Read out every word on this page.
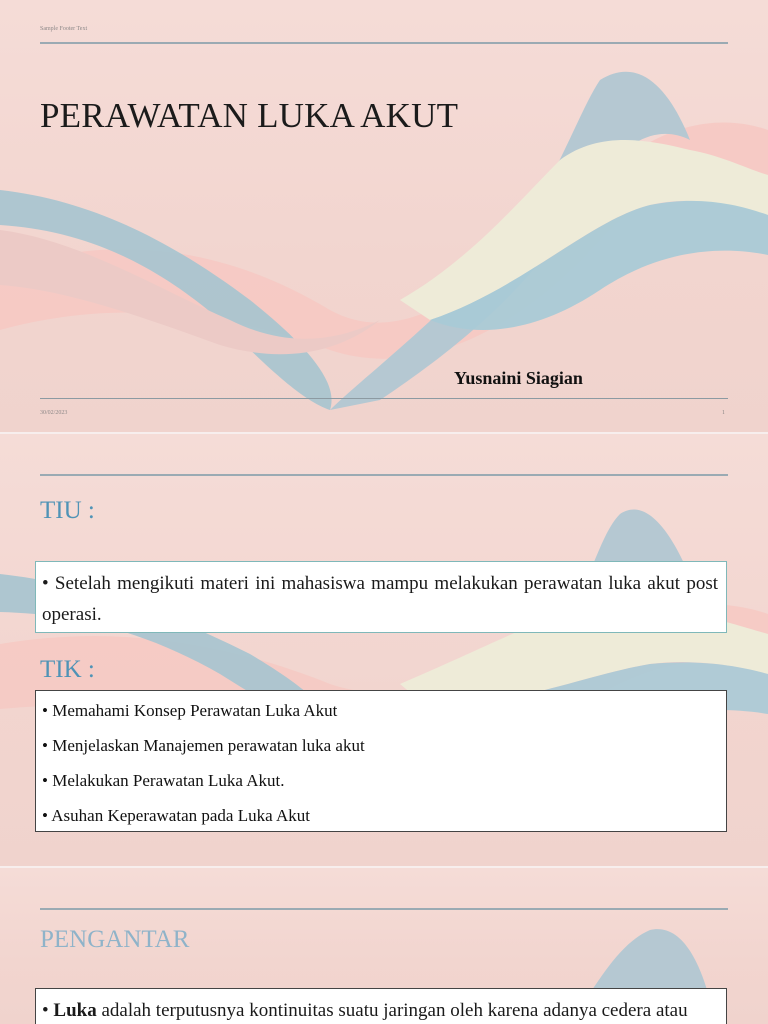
Sample Footer Text
PERAWATAN LUKA AKUT
Yusnaini Siagian
30/02/2023	1
TIU :
• Setelah mengikuti materi ini mahasiswa mampu melakukan perawatan luka akut post operasi.
TIK :
• Memahami Konsep Perawatan Luka Akut
• Menjelaskan Manajemen perawatan luka akut
• Melakukan Perawatan Luka Akut.
• Asuhan Keperawatan pada Luka Akut
PENGANTAR
• Luka adalah terputusnya kontinuitas suatu jaringan oleh karena adanya cedera atau
